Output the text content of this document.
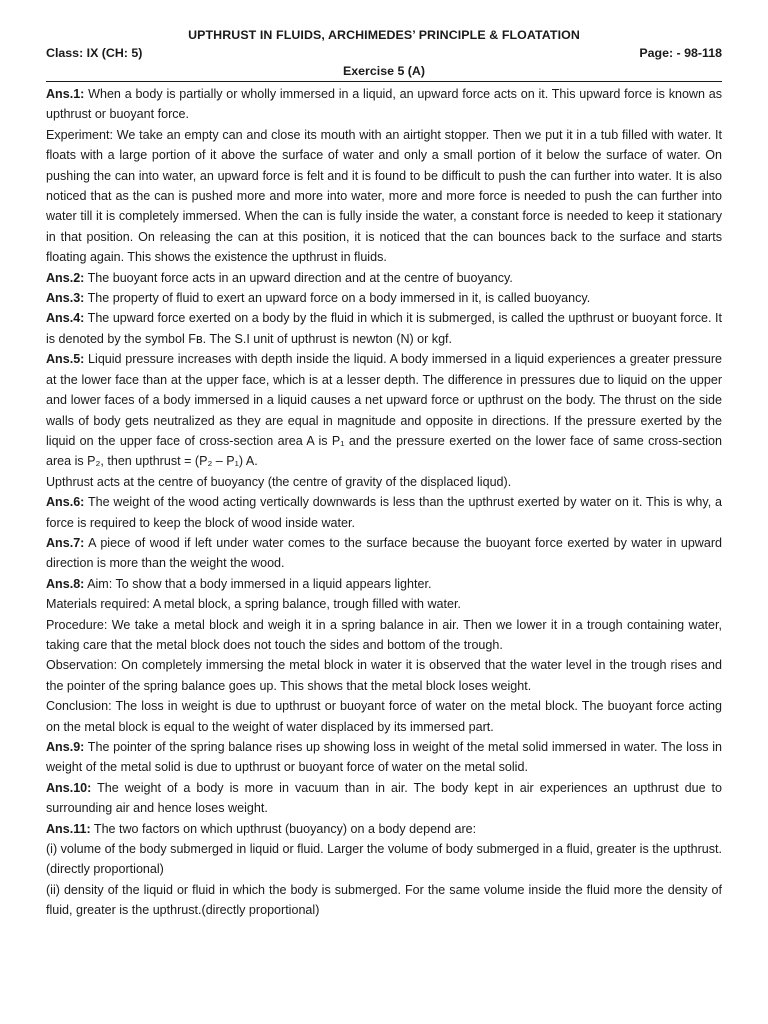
UPTHRUST IN FLUIDS, ARCHIMEDES’ PRINCIPLE & FLOATATION
Class: IX (CH: 5)	Page: - 98-118
Exercise 5 (A)

Ans.1: When a body is partially or wholly immersed in a liquid, an upward force acts on it. This upward force is known as upthrust or buoyant force.

Experiment: We take an empty can and close its mouth with an airtight stopper. Then we put it in a tub filled with water. It floats with a large portion of it above the surface of water and only a small portion of it below the surface of water. On pushing the can into water, an upward force is felt and it is found to be difficult to push the can further into water. It is also noticed that as the can is pushed more and more into water, more and more force is needed to push the can further into water till it is completely immersed. When the can is fully inside the water, a constant force is needed to keep it stationary in that position. On releasing the can at this position, it is noticed that the can bounces back to the surface and starts floating again. This shows the existence the upthrust in fluids.

Ans.2: The buoyant force acts in an upward direction and at the centre of buoyancy.

Ans.3: The property of fluid to exert an upward force on a body immersed in it, is called buoyancy.

Ans.4: The upward force exerted on a body by the fluid in which it is submerged, is called the upthrust or buoyant force. It is denoted by the symbol Fʙ. The S.I unit of upthrust is newton (N) or kgf.

Ans.5: Liquid pressure increases with depth inside the liquid. A body immersed in a liquid experiences a greater pressure at the lower face than at the upper face, which is at a lesser depth. The difference in pressures due to liquid on the upper and lower faces of a body immersed in a liquid causes a net upward force or upthrust on the body. The thrust on the side walls of body gets neutralized as they are equal in magnitude and opposite in directions. If the pressure exerted by the liquid on the upper face of cross-section area A is P₁ and the pressure exerted on the lower face of same cross-section area is P₂, then upthrust = (P₂ – P₁) A.

Upthrust acts at the centre of buoyancy (the centre of gravity of the displaced liqud).

Ans.6: The weight of the wood acting vertically downwards is less than the upthrust exerted by water on it. This is why, a force is required to keep the block of wood inside water.

Ans.7: A piece of wood if left under water comes to the surface because the buoyant force exerted by water in upward direction is more than the weight the wood.

Ans.8: Aim: To show that a body immersed in a liquid appears lighter.

Materials required: A metal block, a spring balance, trough filled with water.

Procedure: We take a metal block and weigh it in a spring balance in air. Then we lower it in a trough containing water, taking care that the metal block does not touch the sides and bottom of the trough.

Observation: On completely immersing the metal block in water it is observed that the water level in the trough rises and the pointer of the spring balance goes up. This shows that the metal block loses weight.

Conclusion: The loss in weight is due to upthrust or buoyant force of water on the metal block. The buoyant force acting on the metal block is equal to the weight of water displaced by its immersed part.

Ans.9: The pointer of the spring balance rises up showing loss in weight of the metal solid immersed in water. The loss in weight of the metal solid is due to upthrust or buoyant force of water on the metal solid.

Ans.10: The weight of a body is more in vacuum than in air. The body kept in air experiences an upthrust due to surrounding air and hence loses weight.

Ans.11: The two factors on which upthrust (buoyancy) on a body depend are:

(i) volume of the body submerged in liquid or fluid. Larger the volume of body submerged in a fluid, greater is the upthrust. (directly proportional)

(ii) density of the liquid or fluid in which the body is submerged. For the same volume inside the fluid more the density of fluid, greater is the upthrust.(directly proportional)
